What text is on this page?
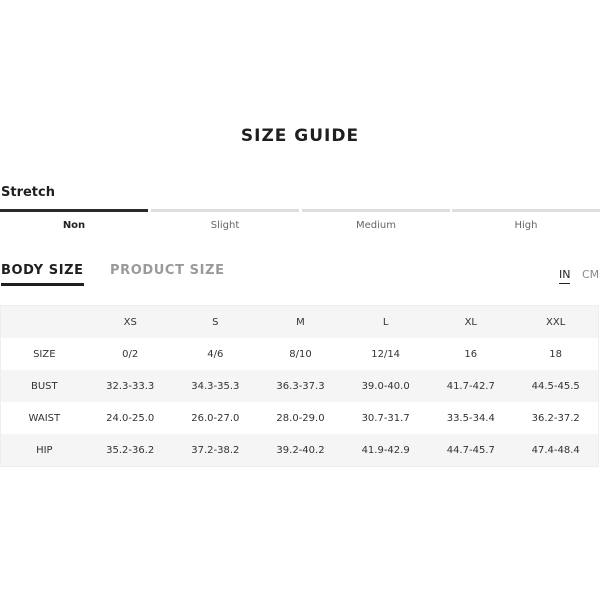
SIZE GUIDE
Stretch
Non	Slight	Medium	High
BODY SIZE PRODUCT SIZE	IN CM
	XS	S	M	L	XL	XXL
SIZE	0/2	4/6	8/10	12/14	16	18
BUST	32.3-33.3	34.3-35.3	36.3-37.3	39.0-40.0	41.7-42.7	44.5-45.5
WAIST	24.0-25.0	26.0-27.0	28.0-29.0	30.7-31.7	33.5-34.4	36.2-37.2
HIP	35.2-36.2	37.2-38.2	39.2-40.2	41.9-42.9	44.7-45.7	47.4-48.4
